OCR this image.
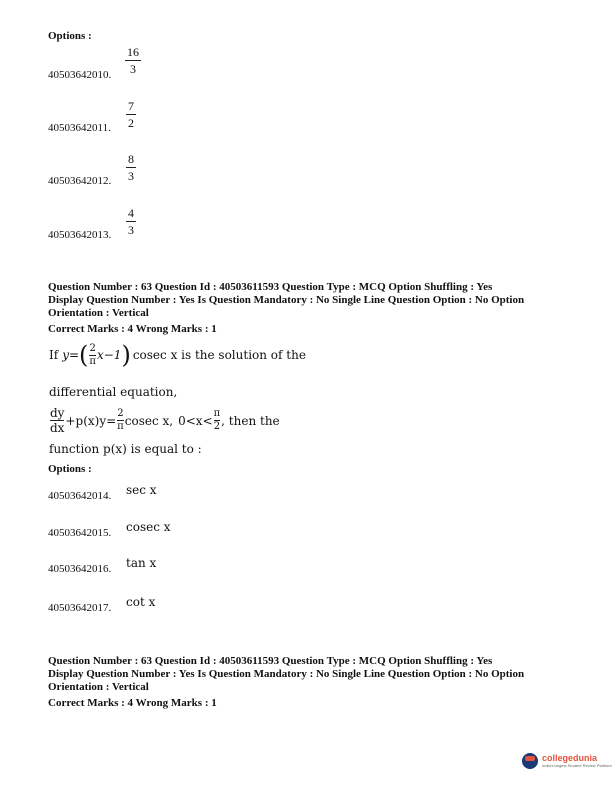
Options :
40503642010.
16
3
40503642011.
7
2
40503642012.
8
3
40503642013.
4
3
Question Number : 63 Question Id : 40503611593 Question Type : MCQ Option Shuffling : Yes
Display Question Number : Yes Is Question Mandatory : No Single Line Question Option : No Option
Orientation : Vertical
Correct Marks : 4 Wrong Marks : 1
If y= ( $\frac{2}{\pi} x-1$ ) cosec x is the solution of the
differential equation,
$\frac{dy}{dx} +p(x)y= \frac{2}{\pi}$ cosec x, $0<x< \frac{\pi}{2}$ , then the
function p(x) is equal to :
Options :
40503642014. sec x
40503642015. cosec x
40503642016. tan x
40503642017. cot x
Question Number : 63 Question Id : 40503611593 Question Type : MCQ Option Shuffling : Yes
Display Question Number : Yes Is Question Mandatory : No Single Line Question Option : No Option
Orientation : Vertical
Correct Marks : 4 Wrong Marks : 1
collegedunia
India's largest Student Review Platform
